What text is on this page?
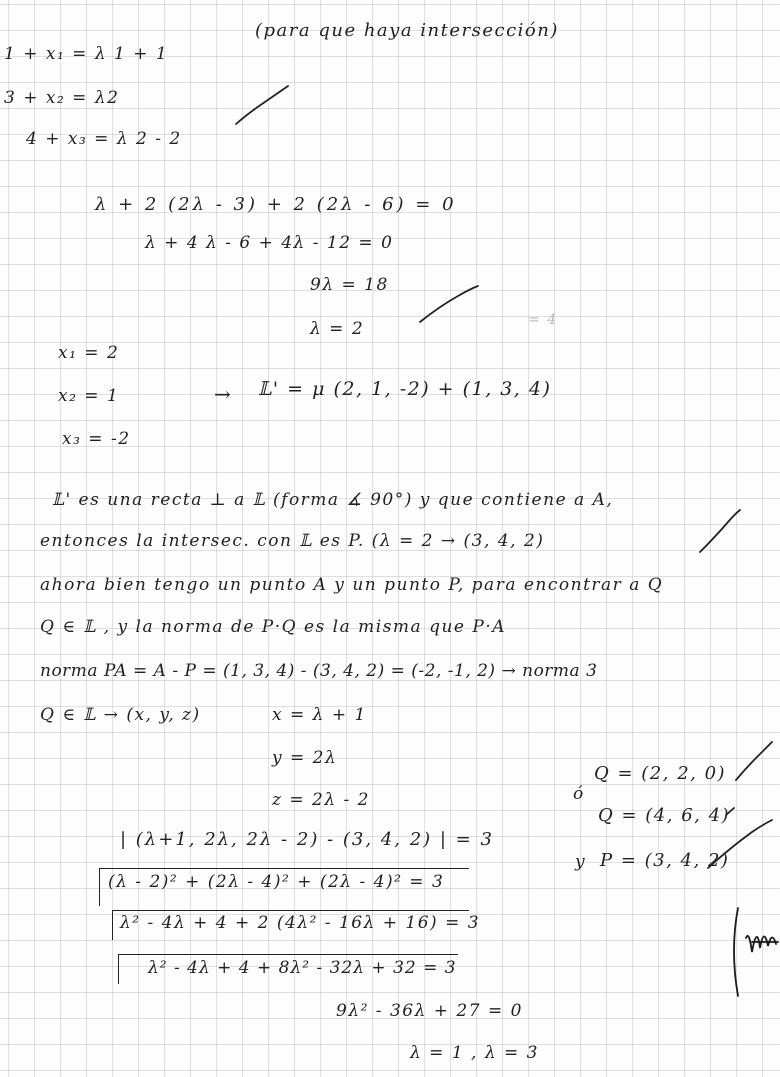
(para que haya intersección)
1 + x₁ = λ 1 + 1
3 + x₂ = λ2
4 + x₃ = λ 2 - 2
λ + 2 (2λ - 3) + 2 (2λ - 6) = 0
λ + 4 λ - 6 + 4λ - 12 = 0
9λ = 18
λ = 2	= 4
x₁ = 2
x₂ = 1
x₃ = -2
→ 𝕃' = μ (2, 1, -2) + (1, 3, 4)
𝕃' es una recta ⊥ a 𝕃 (forma ∡ 90°) y que contiene a A,
entonces la intersec. con 𝕃 es P. (λ = 2 → (3, 4, 2)
ahora bien tengo un punto A y un punto P, para encontrar a Q
Q ∈ 𝕃 , y la norma de P·Q es la misma que P·A
norma PA = A - P = (1, 3, 4) - (3, 4, 2) = (-2, -1, 2) → norma 3
Q ∈ 𝕃 → (x, y, z)	x = λ + 1
y = 2λ
z = 2λ - 2
Q = (2, 2, 0)
ó
Q = (4, 6, 4)
y P = (3, 4, 2)
| (λ+1, 2λ, 2λ - 2) - (3, 4, 2) | = 3
(λ - 2)² + (2λ - 4)² + (2λ - 4)² = 3
λ² - 4λ + 4 + 2 (4λ² - 16λ + 16) = 3
λ² - 4λ + 4 + 8λ² - 32λ + 32 = 3
9λ² - 36λ + 27 = 0
λ = 1 , λ = 3
